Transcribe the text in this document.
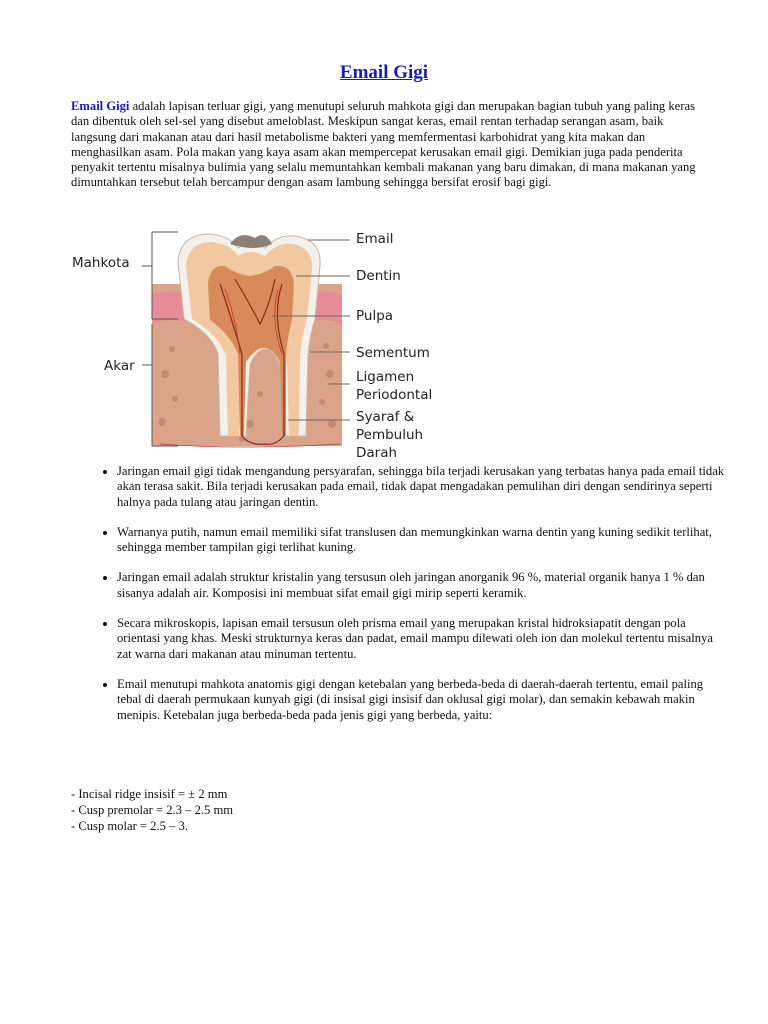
Email Gigi
Email Gigi adalah lapisan terluar gigi, yang menutupi seluruh mahkota gigi dan merupakan bagian tubuh yang paling keras dan dibentuk oleh sel-sel yang disebut ameloblast. Meskipun sangat keras, email rentan terhadap serangan asam, baik langsung dari makanan atau dari hasil metabolisme bakteri yang memfermentasi karbohidrat yang kita makan dan menghasilkan asam. Pola makan yang kaya asam akan mempercepat kerusakan email gigi. Demikian juga pada penderita penyakit tertentu misalnya bulimia yang selalu memuntahkan kembali makanan yang baru dimakan, di mana makanan yang dimuntahkan tersebut telah bercampur dengan asam lambung sehingga bersifat erosif bagi gigi.
Mahkota
Akar
Email
Dentin
Pulpa
Sementum
Ligamen
Periodontal
Syaraf &
Pembuluh
Darah
• Jaringan email gigi tidak mengandung persyarafan, sehingga bila terjadi kerusakan yang terbatas hanya pada email tidak akan terasa sakit. Bila terjadi kerusakan pada email, tidak dapat mengadakan pemulihan diri dengan sendirinya seperti halnya pada tulang atau jaringan dentin.
• Warnanya putih, namun email memiliki sifat translusen dan memungkinkan warna dentin yang kuning sedikit terlihat, sehingga member tampilan gigi terlihat kuning.
• Jaringan email adalah struktur kristalin yang tersusun oleh jaringan anorganik 96 %, material organik hanya 1 % dan sisanya adalah air. Komposisi ini membuat sifat email gigi mirip seperti keramik.
• Secara mikroskopis, lapisan email tersusun oleh prisma email yang merupakan kristal hidroksiapatit dengan pola orientasi yang khas. Meski strukturnya keras dan padat, email mampu dilewati oleh ion dan molekul tertentu misalnya zat warna dari makanan atau minuman tertentu.
• Email menutupi mahkota anatomis gigi dengan ketebalan yang berbeda-beda di daerah-daerah tertentu, email paling tebal di daerah permukaan kunyah gigi (di insisal gigi insisif dan oklusal gigi molar), dan semakin kebawah makin menipis. Ketebalan juga berbeda-beda pada jenis gigi yang berbeda, yaitu:
- Incisal ridge insisif = ± 2 mm
- Cusp premolar = 2.3 – 2.5 mm
- Cusp molar = 2.5 – 3.
